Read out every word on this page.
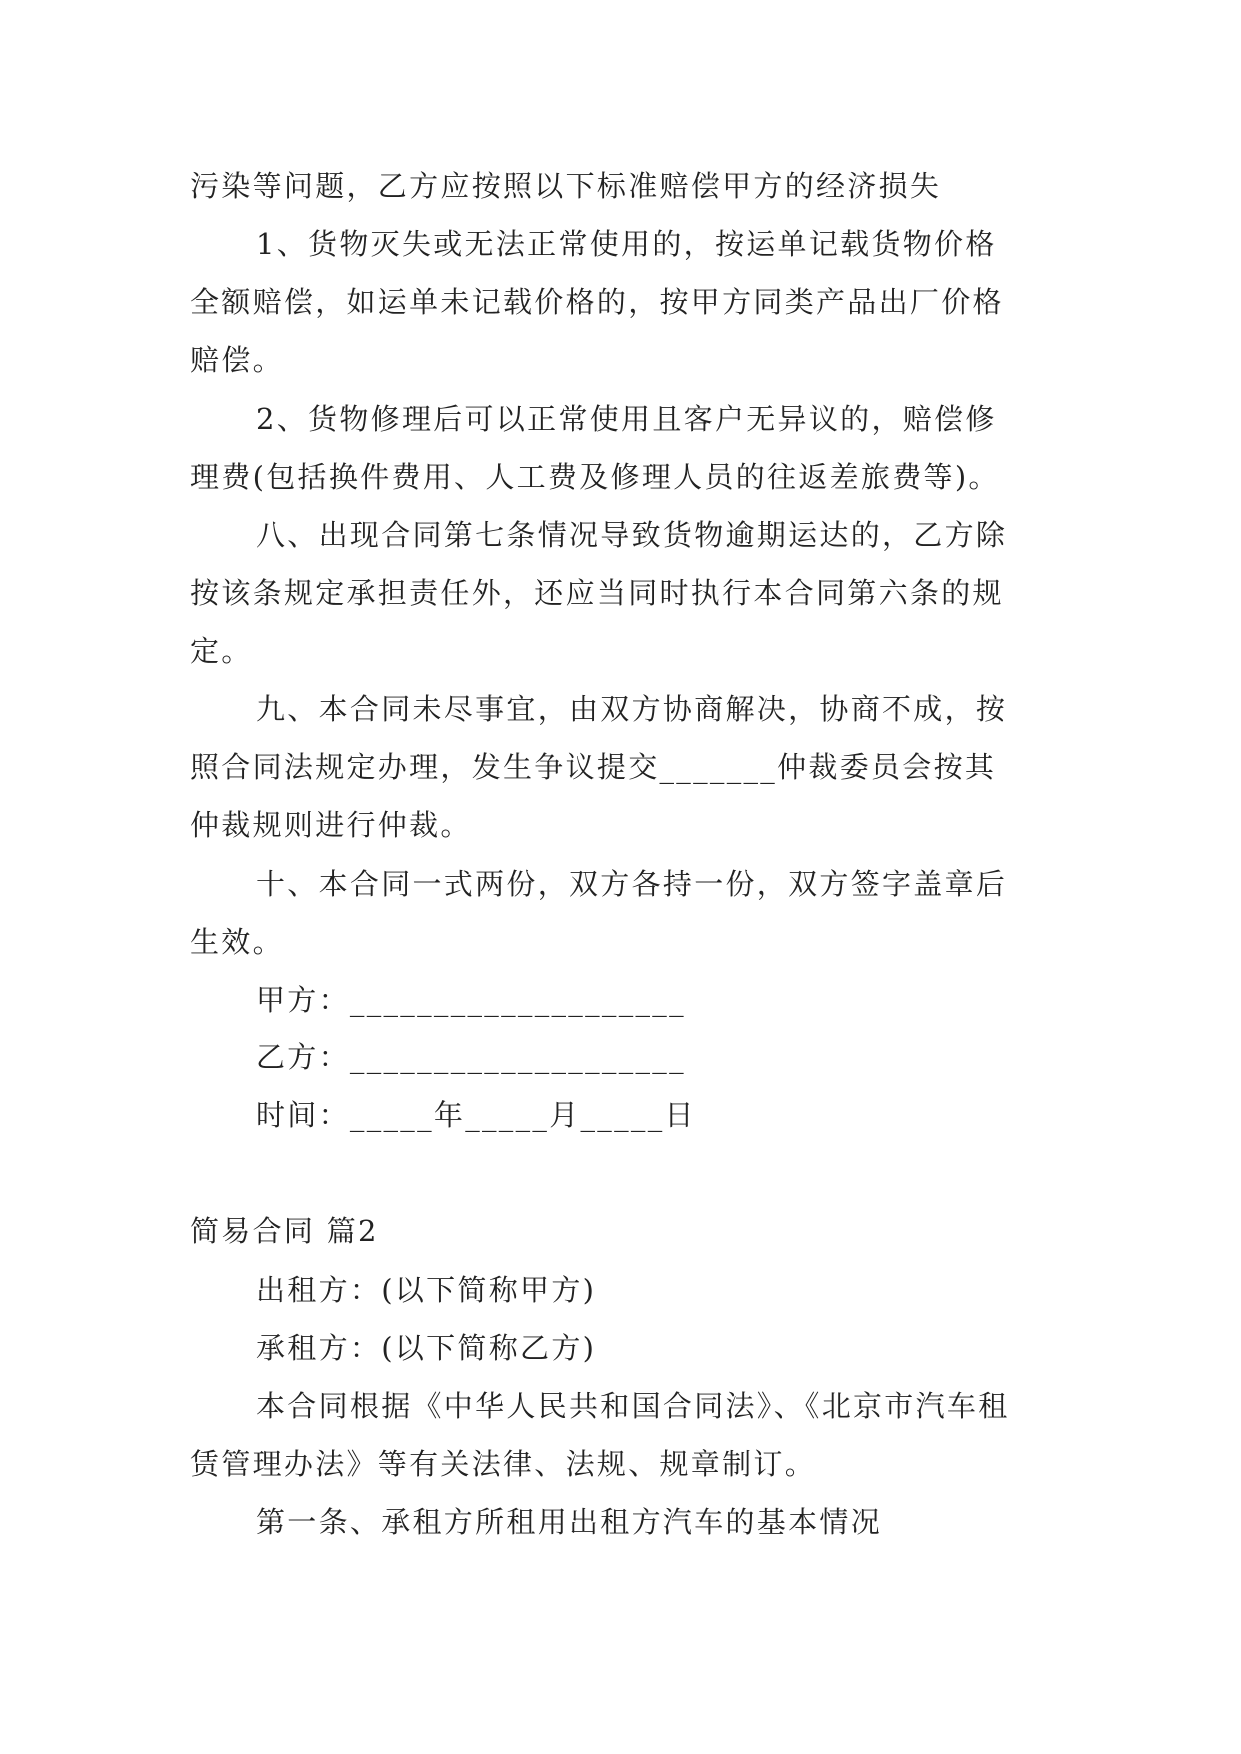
污染等问题，乙方应按照以下标准赔偿甲方的经济损失
1、货物灭失或无法正常使用的，按运单记载货物价格
全额赔偿，如运单未记载价格的，按甲方同类产品出厂价格
赔偿。
2、货物修理后可以正常使用且客户无异议的，赔偿修
理费(包括换件费用、人工费及修理人员的往返差旅费等)。
八、出现合同第七条情况导致货物逾期运达的，乙方除
按该条规定承担责任外，还应当同时执行本合同第六条的规
定。
九、本合同未尽事宜，由双方协商解决，协商不成，按
照合同法规定办理，发生争议提交_______仲裁委员会按其
仲裁规则进行仲裁。
十、本合同一式两份，双方各持一份，双方签字盖章后
生效。
甲方：____________________
乙方：____________________
时间：_____年_____月_____日
简易合同 篇2
出租方：(以下简称甲方)
承租方：(以下简称乙方)
本合同根据《中华人民共和国合同法》、《北京市汽车租
赁管理办法》等有关法律、法规、规章制订。
第一条、承租方所租用出租方汽车的基本情况
